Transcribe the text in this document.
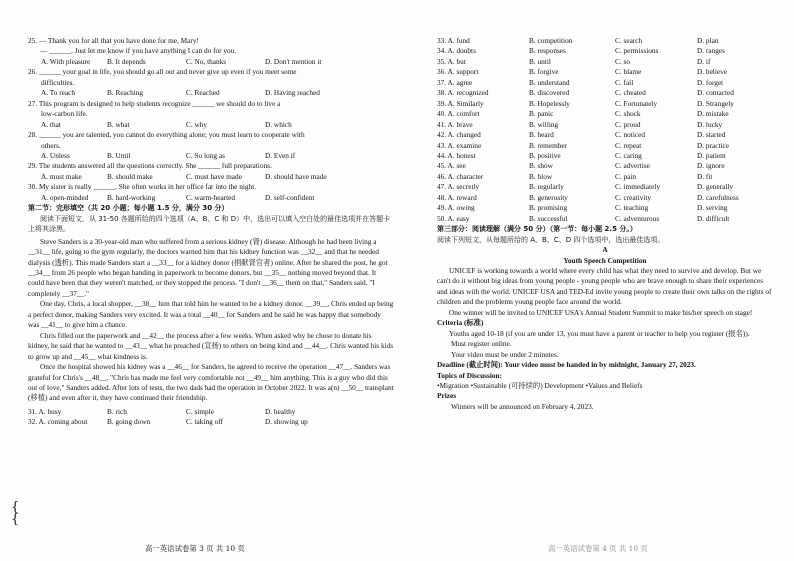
25. — Thank you for all that you have done for me, Mary!
— ______. Just let me know if you have anything I can do for you.
A. With pleasure	B. It depends	C. No, thanks	D. Don't mention it
26. ______ your goal in life, you should go all out and never give up even if you meet some
difficulties.
A. To reach	B. Reaching	C. Reached	D. Having reached
27. This program is designed to help students recognize ______ we should do to live a
low-carbon life.
A. that	B. what	C. why	D. which
28. ______ you are talented, you cannot do everything alone; you must learn to cooperate with
others.
A. Unless	B. Until	C. So long as	D. Even if
29. The students answered all the questions correctly. She ______ full preparations.
A. must make	B. should make	C. must have made	D. should have made
30. My sister is really ______. She often works in her office far into the night.
A. open-minded	B. hard-working	C. warm-hearted	D. self-confident
第二节：完形填空（共 20 小题；每小题 1.5 分，满分 30 分）
阅读下面短文，从 31-50 各题所给的四个选项（A、B、C 和 D）中，选出可以填入空白处的最佳选项并在答题卡上将其涂黑。
Steve Sanders is a 30-year-old man who suffered from a serious kidney (肾) disease. Although he had been living a __31__ life, going to the gym regularly, the doctors warned him that his kidney function was __32__ and that he needed dialysis (透析). This made Sanders start a __33__ for a kidney donor (捐献肾官者) online. After he shared the post, he got __34__ from 26 people who began handing in paperwork to become donors, but __35__ nothing moved beyond that. It could have been that they weren't matched, or they stopped the process. "I don't __36__ them on that," Sanders said. "I completely __37__."
One day, Chris, a local shopper, __38__ him that told him he wanted to be a kidney donor. __39__, Chris ended up being a perfect donor, making Sanders very excited. It was a total __40__ for Sanders and he said he was happy that somebody was __41__ to give him a chance.
Chris filled out the paperwork and __42__ the process after a few weeks. When asked why he chose to donate his kidney, he said that he wanted to __43__ what he preached (宣扬) to others on being kind and __44__. Chris wanted his kids to grow up and __45__ what kindness is.
Once the hospital showed his kidney was a __46__ for Sanders, he agreed to receive the operation __47__. Sanders was grateful for Chris's __48__. "Chris has made me feel very comfortable not __49__ him anything. This is a guy who did this out of love," Sanders added. After lots of tests, the two dads had the operation in October 2022. It was a(n) __50__ transplant (移植) and even after it, they have continued their friendship.
31. A. busy	B. rich	C. simple	D. healthy
32. A. coming about	B. going down	C. taking off	D. showing up
{
{
33. A. fund	B. competition	C. search	D. plan
34. A. doubts	B. responses	C. permissions	D. ranges
35. A. but	B. until	C. so	D. if
36. A. support	B. forgive	C. blame	D. believe
37. A. agree	B. understand	C. fail	D. forget
38. A. recognized	B. discovered	C. cheated	D. contacted
39. A. Similarly	B. Hopelessly	C. Fortunately	D. Strangely
40. A. comfort	B. panic	C. shock	D. mistake
41. A. brave	B. willing	C. proud	D. lucky
42. A. changed	B. heard	C. noticed	D. started
43. A. examine	B. remember	C. repeat	D. practice
44. A. honest	B. positive	C. caring	D. patient
45. A. see	B. show	C. advertise	D. ignore
46. A. character	B. blow	C. pain	D. fit
47. A. secretly	B. regularly	C. immediately	D. generally
48. A. reward	B. generosity	C. creativity	D. carefulness
49. A. owing	B. promising	C. teaching	D. serving
50. A. easy	B. successful	C. adventurous	D. difficult
第三部分：阅读理解（满分 50 分）（第一节：每小题 2.5 分。）
阅读下列短文，从每题所给的 A、B、C、D 四个选项中，选出最佳选项。
A
Youth Speech Competition
UNICEF is working towards a world where every child has what they need to survive and develop. But we can't do it without big ideas from young people - young people who are brave enough to share their experiences and ideas with the world. UNICEF USA and TED-Ed invite young people to create their own talks on the rights of children and the problems young people face around the world.
One winner will be invited to UNICEF USA's Annual Student Summit to make his/her speech on stage!
Criteria (标准)
Youths aged 10-18 (if you are under 13, you must have a parent or teacher to help you register (报名)).
Must register online.
Your video must be under 2 minutes.
Deadline (截止时间): Your video must be handed in by midnight, January 27, 2023.
Topics of Discussion:
•Migration •Sustainable (可持续的) Development •Values and Beliefs
Prizes
Winners will be announced on February 4, 2023.
高一英语试卷第 3 页 共 10 页	高一英语试卷第 4 页 共 10 页
